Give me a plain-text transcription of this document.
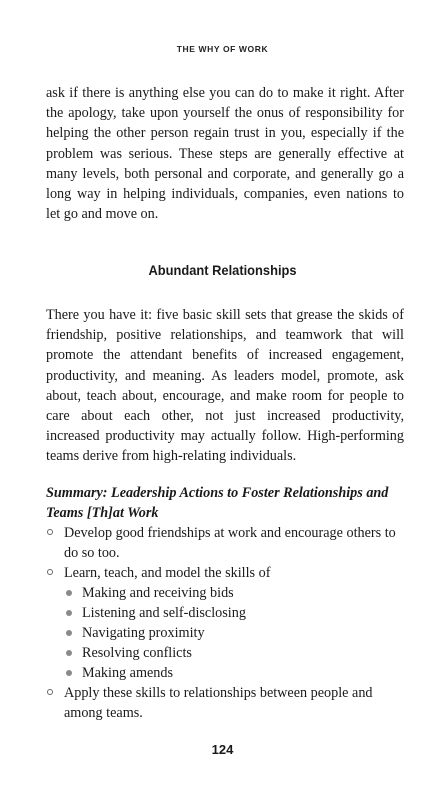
THE WHY OF WORK

ask if there is anything else you can do to make it right. After the apology, take upon yourself the onus of responsibility for helping the other person regain trust in you, especially if the problem was serious. These steps are generally effective at many levels, both personal and corporate, and generally go a long way in helping individuals, companies, even nations to let go and move on.

Abundant Relationships

There you have it: five basic skill sets that grease the skids of friendship, positive relationships, and teamwork that will promote the attendant benefits of increased engagement, productivity, and meaning. As leaders model, promote, ask about, teach about, encourage, and make room for people to care about each other, not just increased productivity, increased productivity may actually follow. High-performing teams derive from high-relating individuals.

Summary: Leadership Actions to Foster Relationships and Teams [Th]at Work
Develop good friendships at work and encourage others to do so too.
Learn, teach, and model the skills of
Making and receiving bids
Listening and self-disclosing
Navigating proximity
Resolving conflicts
Making amends
Apply these skills to relationships between people and among teams.
124
